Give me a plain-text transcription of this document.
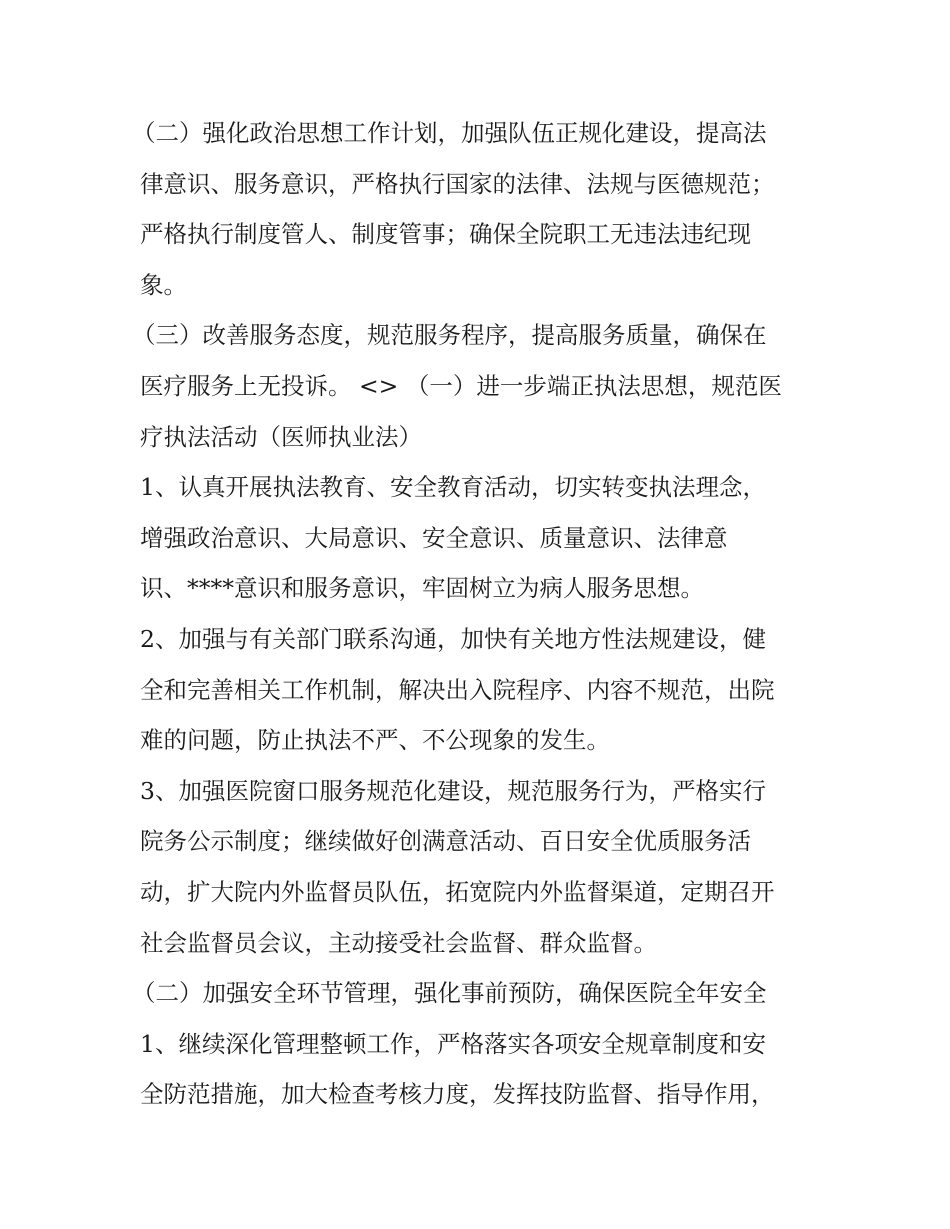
（二）强化政治思想工作计划，加强队伍正规化建设，提高法
律意识、服务意识，严格执行国家的法律、法规与医德规范；
严格执行制度管人、制度管事；确保全院职工无违法违纪现
象。
（三）改善服务态度，规范服务程序，提高服务质量，确保在
医疗服务上无投诉。 <> （一）进一步端正执法思想，规范医
疗执法活动（医师执业法）
1、认真开展执法教育、安全教育活动，切实转变执法理念，
增强政治意识、大局意识、安全意识、质量意识、法律意
识、****意识和服务意识，牢固树立为病人服务思想。
2、加强与有关部门联系沟通，加快有关地方性法规建设，健
全和完善相关工作机制，解决出入院程序、内容不规范，出院
难的问题，防止执法不严、不公现象的发生。
3、加强医院窗口服务规范化建设，规范服务行为，严格实行
院务公示制度；继续做好创满意活动、百日安全优质服务活
动，扩大院内外监督员队伍，拓宽院内外监督渠道，定期召开
社会监督员会议，主动接受社会监督、群众监督。
（二）加强安全环节管理，强化事前预防，确保医院全年安全
1、继续深化管理整顿工作，严格落实各项安全规章制度和安
全防范措施，加大检查考核力度，发挥技防监督、指导作用，
